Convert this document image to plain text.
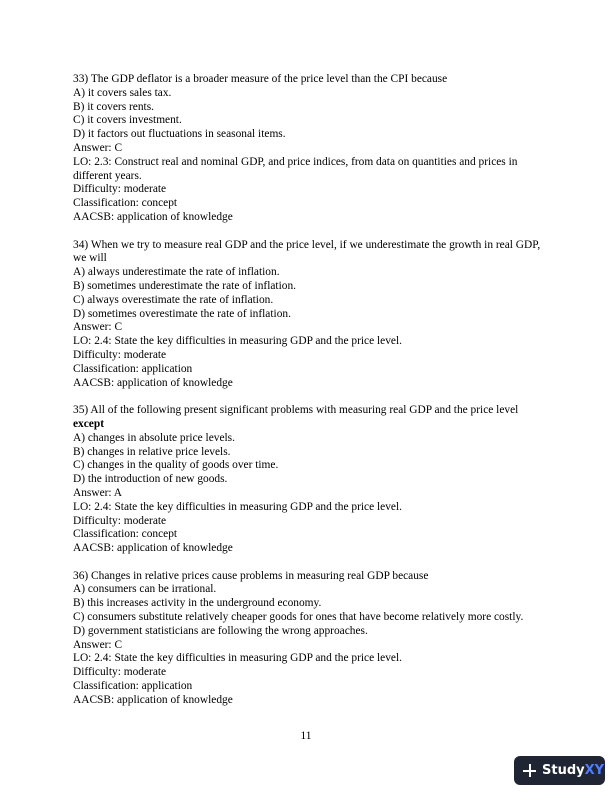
33) The GDP deflator is a broader measure of the price level than the CPI because
A) it covers sales tax.
B) it covers rents.
C) it covers investment.
D) it factors out fluctuations in seasonal items.
Answer: C
LO: 2.3: Construct real and nominal GDP, and price indices, from data on quantities and prices in different years.
Difficulty: moderate
Classification: concept
AACSB: application of knowledge
34) When we try to measure real GDP and the price level, if we underestimate the growth in real GDP, we will
A) always underestimate the rate of inflation.
B) sometimes underestimate the rate of inflation.
C) always overestimate the rate of inflation.
D) sometimes overestimate the rate of inflation.
Answer: C
LO: 2.4: State the key difficulties in measuring GDP and the price level.
Difficulty: moderate
Classification: application
AACSB: application of knowledge
35) All of the following present significant problems with measuring real GDP and the price level except
A) changes in absolute price levels.
B) changes in relative price levels.
C) changes in the quality of goods over time.
D) the introduction of new goods.
Answer: A
LO: 2.4: State the key difficulties in measuring GDP and the price level.
Difficulty: moderate
Classification: concept
AACSB: application of knowledge
36) Changes in relative prices cause problems in measuring real GDP because
A) consumers can be irrational.
B) this increases activity in the underground economy.
C) consumers substitute relatively cheaper goods for ones that have become relatively more costly.
D) government statisticians are following the wrong approaches.
Answer: C
LO: 2.4: State the key difficulties in measuring GDP and the price level.
Difficulty: moderate
Classification: application
AACSB: application of knowledge
11
Study XY
